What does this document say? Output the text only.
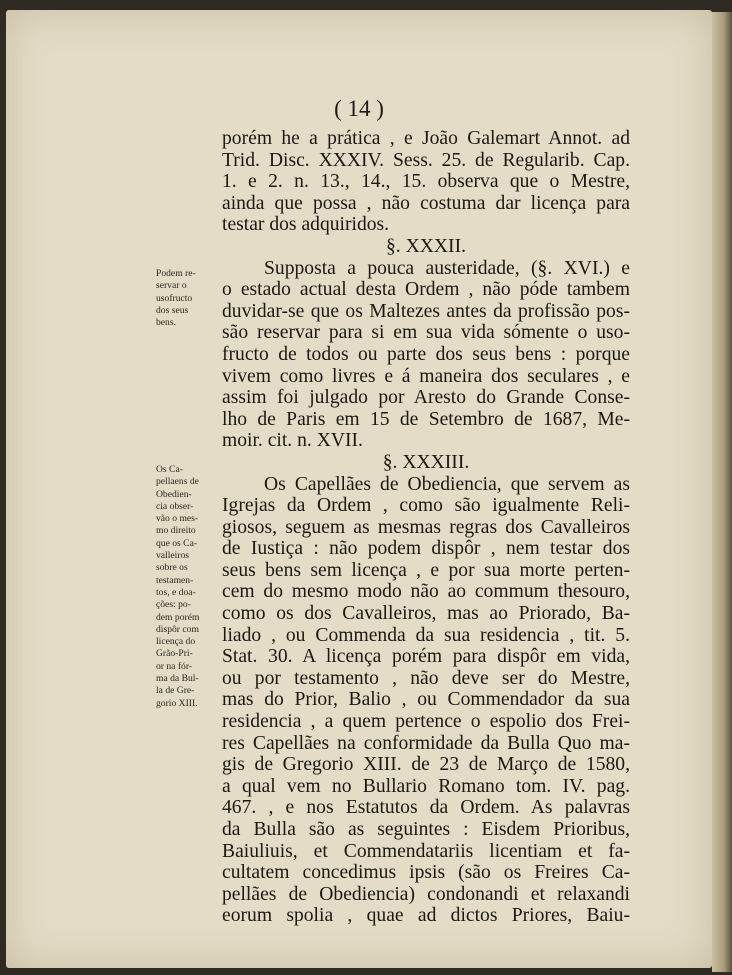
( 14 )
Podem re-
servar o
usofructo
dos seus
bens.
Os Ca-
pellaens de
Obedien-
cia obser-
vão o mes-
mo direito
que os Ca-
valleiros
sobre os
testamen-
tos, e doa-
ções: po-
dem porém
dispôr com
licença do
Grão-Pri-
or na fór-
ma da Bul-
la de Gre-
gorio XIII.
porém he a prática , e João Galemart Annot. ad
Trid. Disc. XXXIV. Sess. 25. de Regularib. Cap.
1. e 2. n. 13., 14., 15. observa que o Mestre,
ainda que possa , não costuma dar licença para
testar dos adquiridos.
§. XXXII.
Supposta a pouca austeridade, (§. XVI.) e
o estado actual desta Ordem , não póde tambem
duvidar-se que os Maltezes antes da profissão pos-
são reservar para si em sua vida sómente o uso-
fructo de todos ou parte dos seus bens : porque
vivem como livres e á maneira dos seculares , e
assim foi julgado por Aresto do Grande Conse-
lho de Paris em 15 de Setembro de 1687, Me-
moir. cit. n. XVII.
§. XXXIII.
Os Capellães de Obediencia, que servem as
Igrejas da Ordem , como são igualmente Reli-
giosos, seguem as mesmas regras dos Cavalleiros
de Iustiça : não podem dispôr , nem testar dos
seus bens sem licença , e por sua morte perten-
cem do mesmo modo não ao commum thesouro,
como os dos Cavalleiros, mas ao Priorado, Ba-
liado , ou Commenda da sua residencia , tit. 5.
Stat. 30. A licença porém para dispôr em vida,
ou por testamento , não deve ser do Mestre,
mas do Prior, Balio , ou Commendador da sua
residencia , a quem pertence o espolio dos Frei-
res Capellães na conformidade da Bulla Quo ma-
gis de Gregorio XIII. de 23 de Março de 1580,
a qual vem no Bullario Romano tom. IV. pag.
467. , e nos Estatutos da Ordem. As palavras
da Bulla são as seguintes : Eisdem Prioribus,
Baiuliuis, et Commendatariis licentiam et fa-
cultatem concedimus ipsis (são os Freires Ca-
pellães de Obediencia) condonandi et relaxandi
eorum spolia , quae ad dictos Priores, Baiu-
